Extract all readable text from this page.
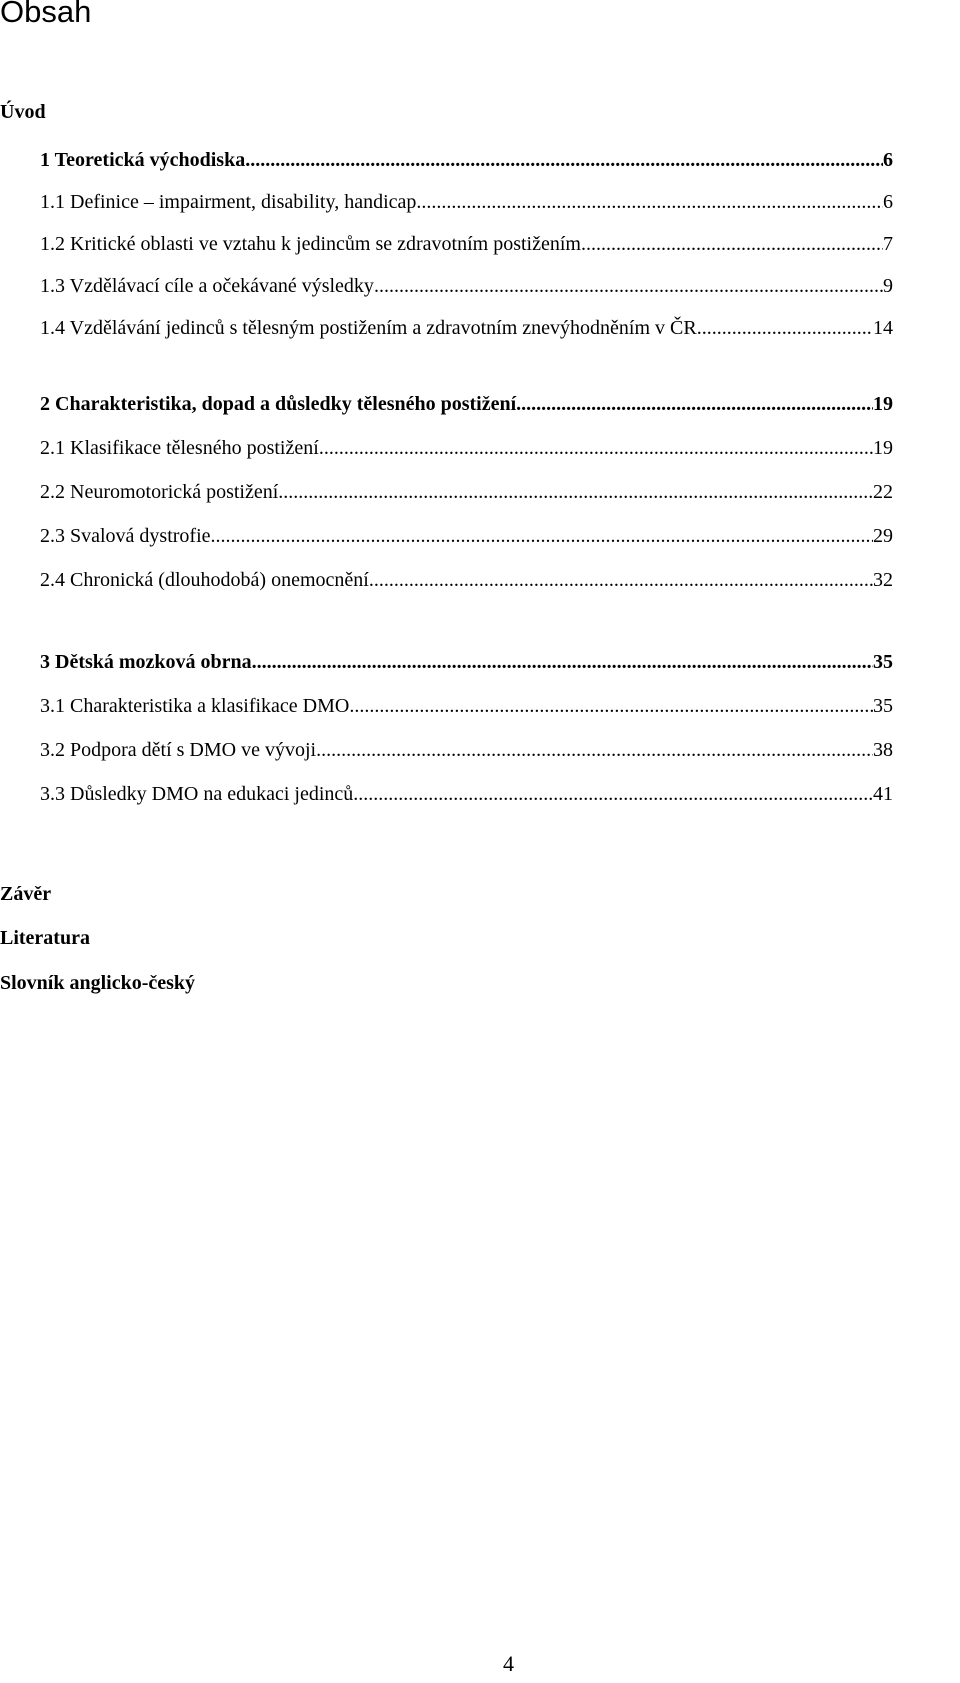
Obsah
Úvod
1 Teoretická východiska .....	6
1.1 Definice – impairment, disability, handicap .....	6
1.2 Kritické oblasti ve vztahu k jedincům se zdravotním postižením .....	7
1.3 Vzdělávací cíle a očekávané výsledky .....	9
1.4 Vzdělávání jedinců s tělesným postižením a zdravotním znevýhodněním v ČR .....	14
2 Charakteristika, dopad a důsledky tělesného postižení .....	19
2.1 Klasifikace tělesného postižení .....	19
2.2 Neuromotorická postižení .....	22
2.3 Svalová dystrofie .....	29
2.4 Chronická (dlouhodobá) onemocnění .....	32
3 Dětská mozková obrna .....	35
3.1 Charakteristika a klasifikace DMO .....	35
3.2 Podpora dětí s DMO ve vývoji .....	38
3.3 Důsledky DMO na edukaci jedinců .....	41
Závěr
Literatura
Slovník anglicko-český
4
